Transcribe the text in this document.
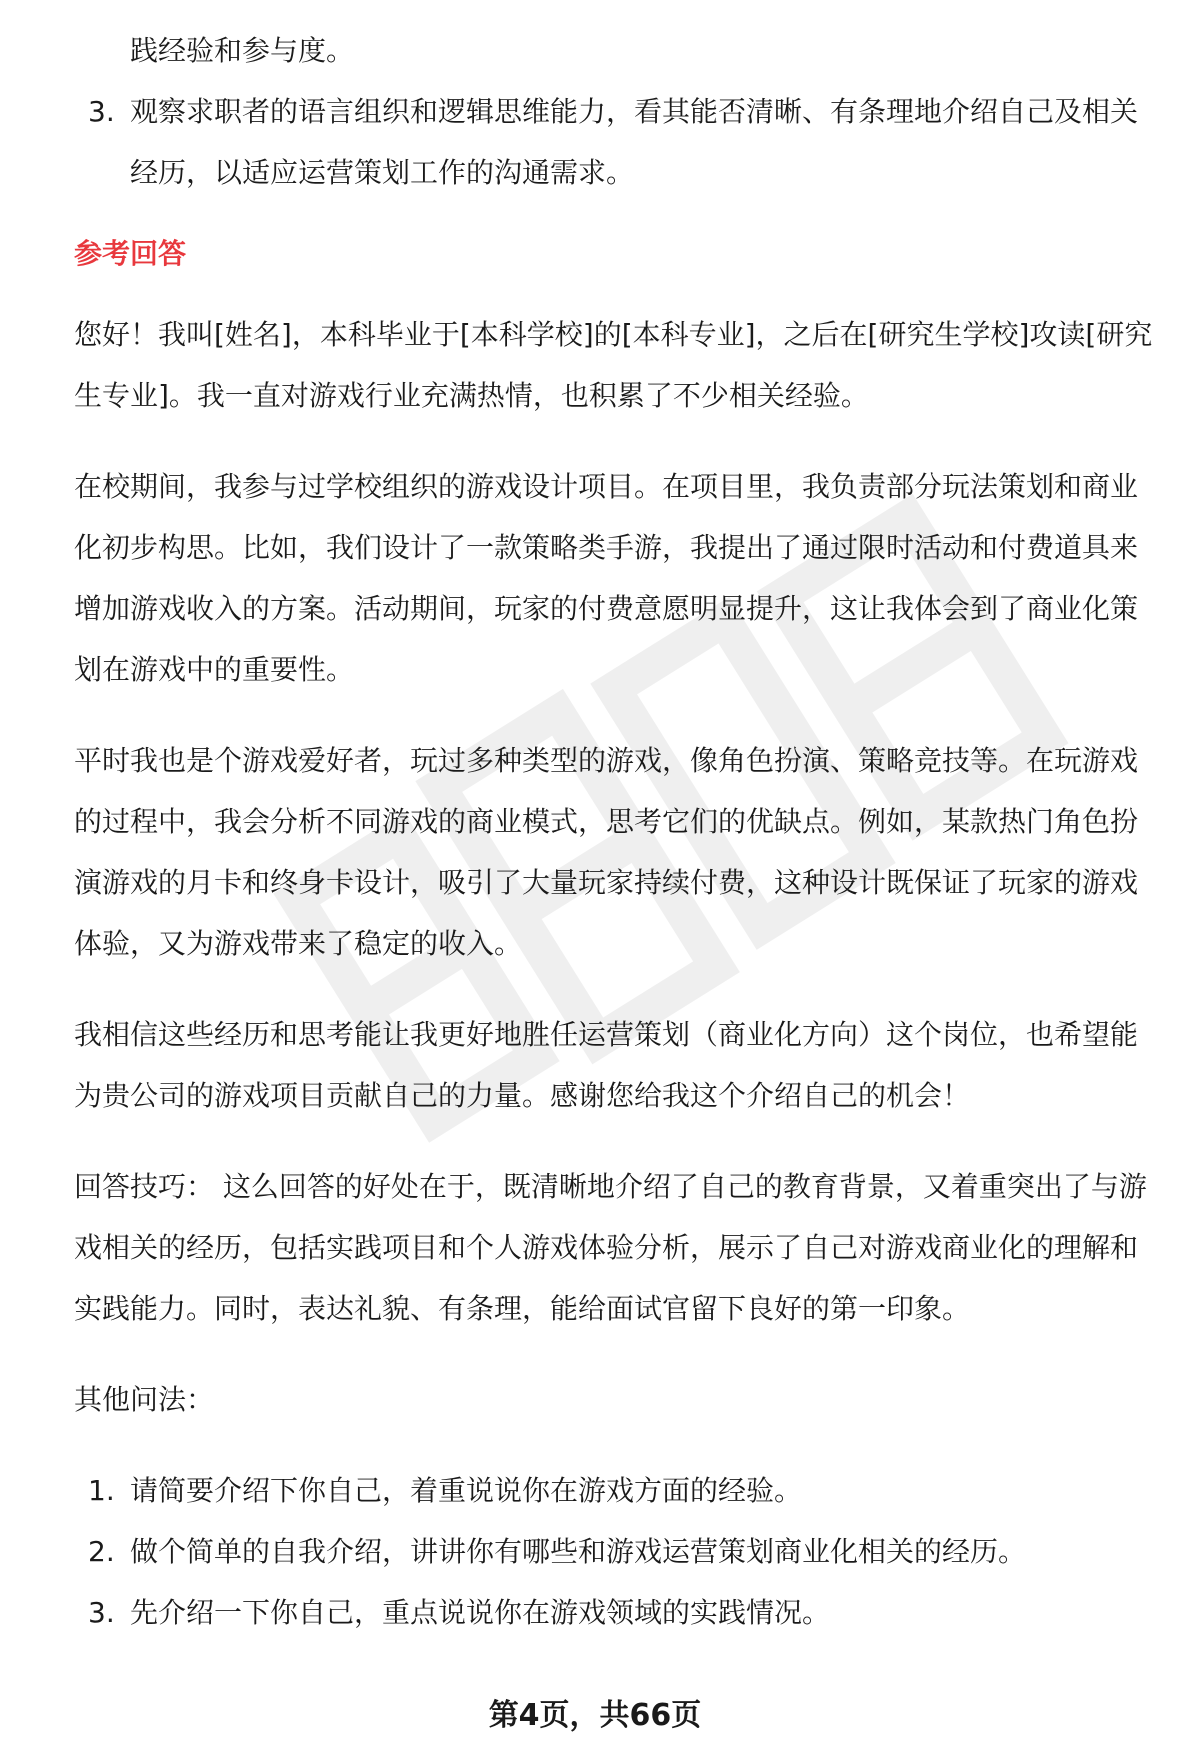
践经验和参与度。
3. 观察求职者的语言组织和逻辑思维能力，看其能否清晰、有条理地介绍自己及相关经历，以适应运营策划工作的沟通需求。
参考回答
您好！我叫[姓名]，本科毕业于[本科学校]的[本科专业]，之后在[研究生学校]攻读[研究生专业]。我一直对游戏行业充满热情，也积累了不少相关经验。
在校期间，我参与过学校组织的游戏设计项目。在项目里，我负责部分玩法策划和商业化初步构思。比如，我们设计了一款策略类手游，我提出了通过限时活动和付费道具来增加游戏收入的方案。活动期间，玩家的付费意愿明显提升，这让我体会到了商业化策划在游戏中的重要性。
平时我也是个游戏爱好者，玩过多种类型的游戏，像角色扮演、策略竞技等。在玩游戏的过程中，我会分析不同游戏的商业模式，思考它们的优缺点。例如，某款热门角色扮演游戏的月卡和终身卡设计，吸引了大量玩家持续付费，这种设计既保证了玩家的游戏体验，又为游戏带来了稳定的收入。
我相信这些经历和思考能让我更好地胜任运营策划（商业化方向）这个岗位，也希望能为贵公司的游戏项目贡献自己的力量。感谢您给我这个介绍自己的机会！
回答技巧： 这么回答的好处在于，既清晰地介绍了自己的教育背景，又着重突出了与游戏相关的经历，包括实践项目和个人游戏体验分析，展示了自己对游戏商业化的理解和实践能力。同时，表达礼貌、有条理，能给面试官留下良好的第一印象。
其他问法：
1. 请简要介绍下你自己，着重说说你在游戏方面的经验。
2. 做个简单的自我介绍，讲讲你有哪些和游戏运营策划商业化相关的经历。
3. 先介绍一下你自己，重点说说你在游戏领域的实践情况。
第4页，共66页
